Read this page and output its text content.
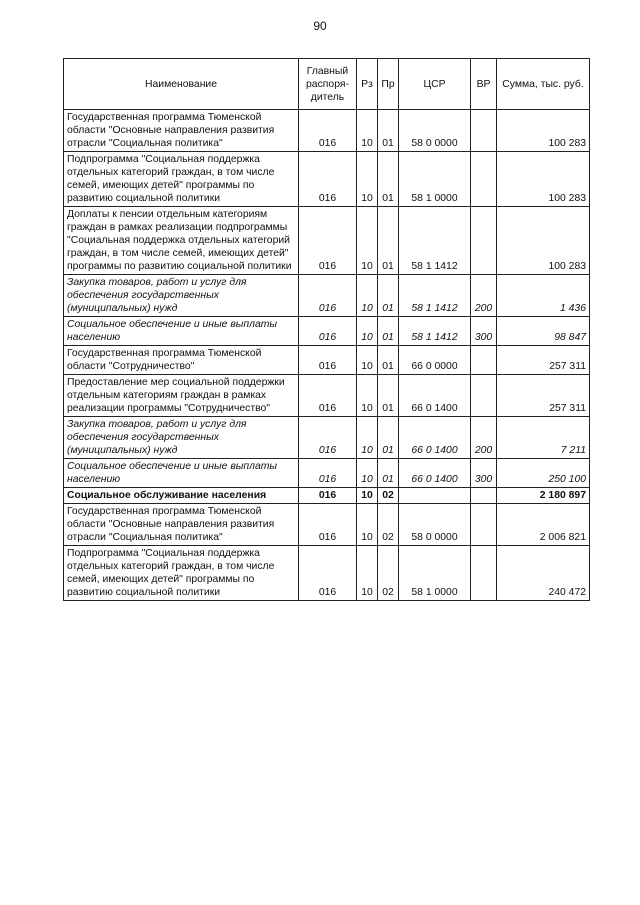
90
Наименование	Главный распоря-дитель	Рз	Пр	ЦСР	ВР	Сумма, тыс. руб.
Государственная программа Тюменской области "Основные направления развития отрасли "Социальная политика"	016	10	01	58 0 0000		100 283
Подпрограмма "Социальная поддержка отдельных категорий граждан, в том числе семей, имеющих детей" программы по развитию социальной политики	016	10	01	58 1 0000		100 283
Доплаты к пенсии отдельным категориям граждан в рамках реализации подпрограммы "Социальная поддержка отдельных категорий граждан, в том числе семей, имеющих детей" программы по развитию социальной политики	016	10	01	58 1 1412		100 283
Закупка товаров, работ и услуг для обеспечения государственных (муниципальных) нужд	016	10	01	58 1 1412	200	1 436
Социальное обеспечение и иные выплаты населению	016	10	01	58 1 1412	300	98 847
Государственная программа Тюменской области "Сотрудничество"	016	10	01	66 0 0000		257 311
Предоставление мер социальной поддержки отдельным категориям граждан в рамках реализации программы "Сотрудничество"	016	10	01	66 0 1400		257 311
Закупка товаров, работ и услуг для обеспечения государственных (муниципальных) нужд	016	10	01	66 0 1400	200	7 211
Социальное обеспечение и иные выплаты населению	016	10	01	66 0 1400	300	250 100
Социальное обслуживание населения	016	10	02			2 180 897
Государственная программа Тюменской области "Основные направления развития отрасли "Социальная политика"	016	10	02	58 0 0000		2 006 821
Подпрограмма "Социальная поддержка отдельных категорий граждан, в том числе семей, имеющих детей" программы по развитию социальной политики	016	10	02	58 1 0000		240 472
